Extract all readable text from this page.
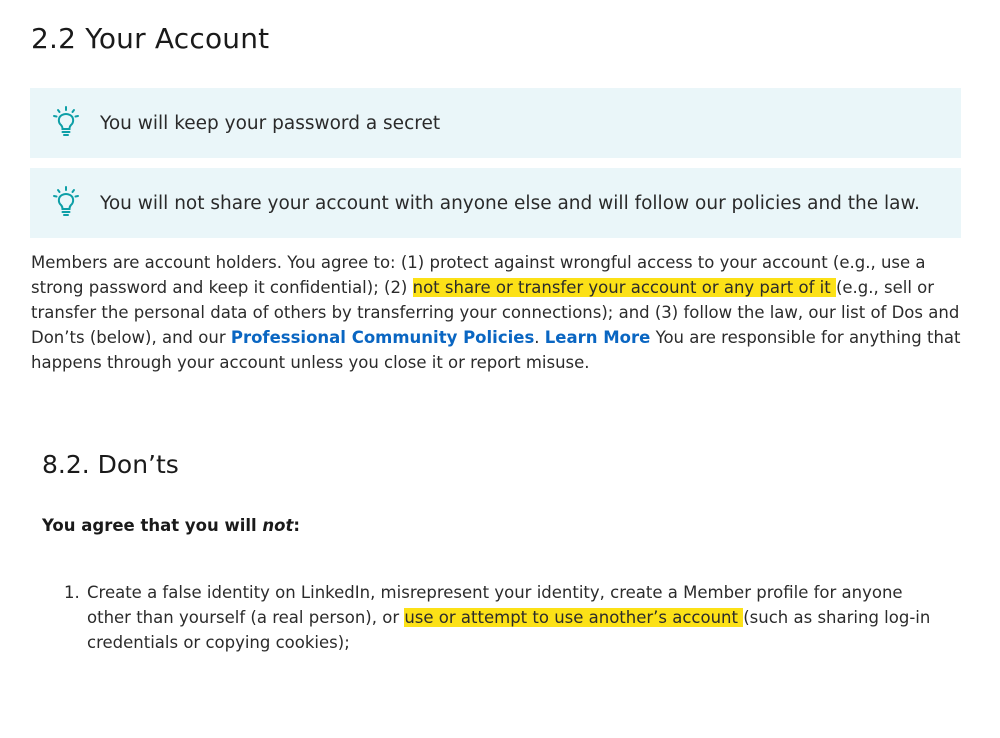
2.2 Your Account
You will keep your password a secret
You will not share your account with anyone else and will follow our policies and the law.

Members are account holders. You agree to: (1) protect against wrongful access to your account (e.g., use a strong password and keep it confidential); (2) not share or transfer your account or any part of it (e.g., sell or transfer the personal data of others by transferring your connections); and (3) follow the law, our list of Dos and Don’ts (below), and our Professional Community Policies. Learn More You are responsible for anything that happens through your account unless you close it or report misuse.

8.2. Don’ts

You agree that you will not:

1. Create a false identity on LinkedIn, misrepresent your identity, create a Member profile for anyone other than yourself (a real person), or use or attempt to use another’s account (such as sharing log-in credentials or copying cookies);
